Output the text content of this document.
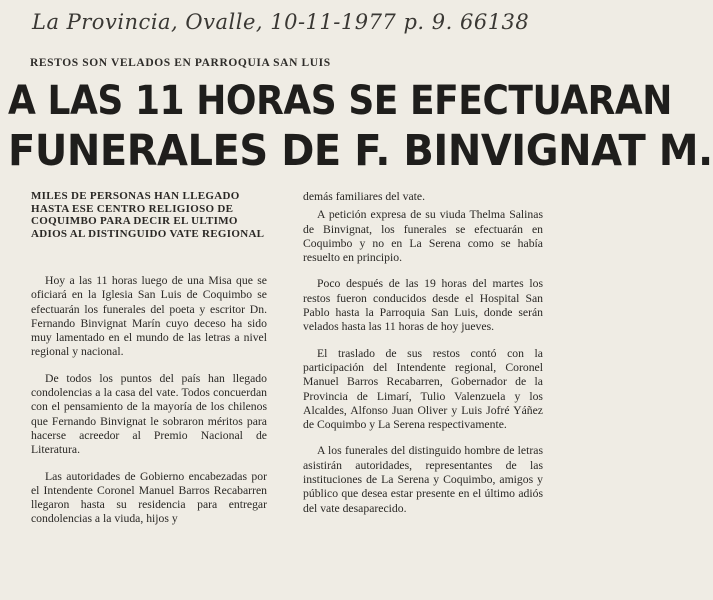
La Provincia, Ovalle, 10-11-1977 p. 9. 66138
RESTOS SON VELADOS EN PARROQUIA SAN LUIS
A LAS 11 HORAS SE EFECTUARAN
FUNERALES DE F. BINVIGNAT M.
MILES DE PERSONAS HAN LLEGADO HASTA ESE CENTRO RELIGIOSO DE COQUIMBO PARA DECIR EL ULTIMO ADIOS AL DISTINGUIDO VATE REGIONAL

Hoy a las 11 horas luego de una Misa que se oficiará en la Iglesia San Luis de Coquimbo se efectuarán los funerales del poeta y escritor Dn. Fernando Binvignat Marín cuyo deceso ha sido muy lamentado en el mundo de las letras a nivel regional y nacional.

De todos los puntos del país han llegado condolencias a la casa del vate. Todos concuerdan con el pensamiento de la mayoría de los chilenos que Fernando Binvignat le sobraron méritos para hacerse acreedor al Premio Nacional de Literatura.

Las autoridades de Gobierno encabezadas por el Intendente Coronel Manuel Barros Recabarren llegaron hasta su residencia para entregar condolencias a la viuda, hijos y

demás familiares del vate.

A petición expresa de su viuda Thelma Salinas de Binvignat, los funerales se efectuarán en Coquimbo y no en La Serena como se había resuelto en principio.

Poco después de las 19 horas del martes los restos fueron conducidos desde el Hospital San Pablo hasta la Parroquia San Luis, donde serán velados hasta las 11 horas de hoy jueves.

El traslado de sus restos contó con la participación del Intendente regional, Coronel Manuel Barros Recabarren, Gobernador de la Provincia de Limarí, Tulio Valenzuela y los Alcaldes, Alfonso Juan Oliver y Luis Jofré Yáñez de Coquimbo y La Serena respectivamente.

A los funerales del distinguido hombre de letras asistirán autoridades, representantes de las instituciones de La Serena y Coquimbo, amigos y público que desea estar presente en el último adiós del vate desaparecido.
